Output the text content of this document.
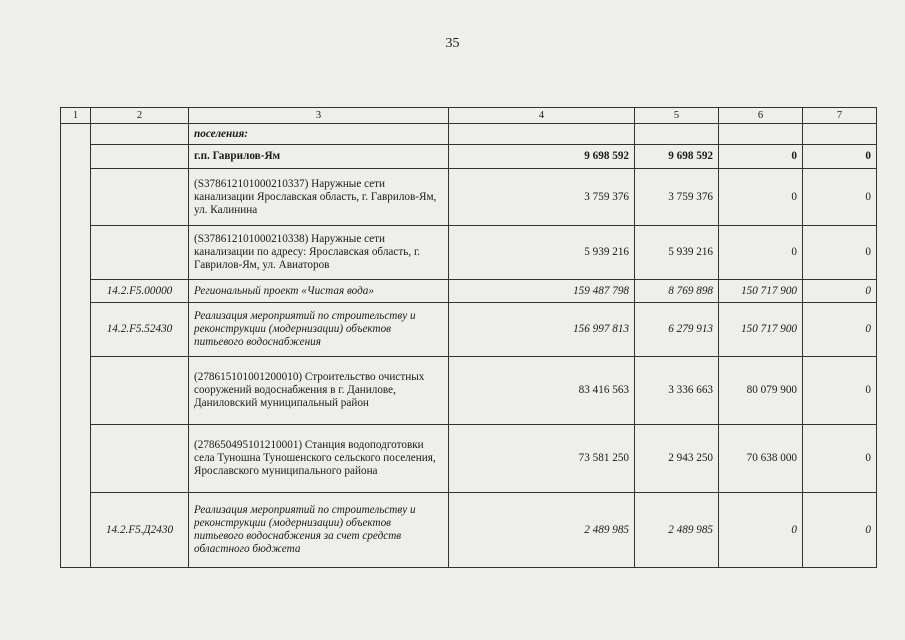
35
1	2	3	4	5	6	7
		поселения:				
		г.п. Гаврилов-Ям	9 698 592	9 698 592	0	0
		(S378612101000210337) Наружные сети канализации Ярославская область, г. Гаврилов-Ям, ул. Калинина	3 759 376	3 759 376	0	0
		(S378612101000210338) Наружные сети канализации по адресу: Ярославская область, г. Гаврилов-Ям, ул. Авиаторов	5 939 216	5 939 216	0	0
	14.2.F5.00000	Региональный проект «Чистая вода»	159 487 798	8 769 898	150 717 900	0
	14.2.F5.52430	Реализация мероприятий по строительству и реконструкции (модернизации) объектов питьевого водоснабжения	156 997 813	6 279 913	150 717 900	0
		(278615101001200010) Строительство очистных сооружений водоснабжения в г. Данилове, Даниловский муниципальный район	83 416 563	3 336 663	80 079 900	0
		(278650495101210001) Станция водоподготовки села Туношна Туношенского сельского поселения, Ярославского муниципального района	73 581 250	2 943 250	70 638 000	0
	14.2.F5.Д2430	Реализация мероприятий по строительству и реконструкции (модернизации) объектов питьевого водоснабжения за счет средств областного бюджета	2 489 985	2 489 985	0	0
